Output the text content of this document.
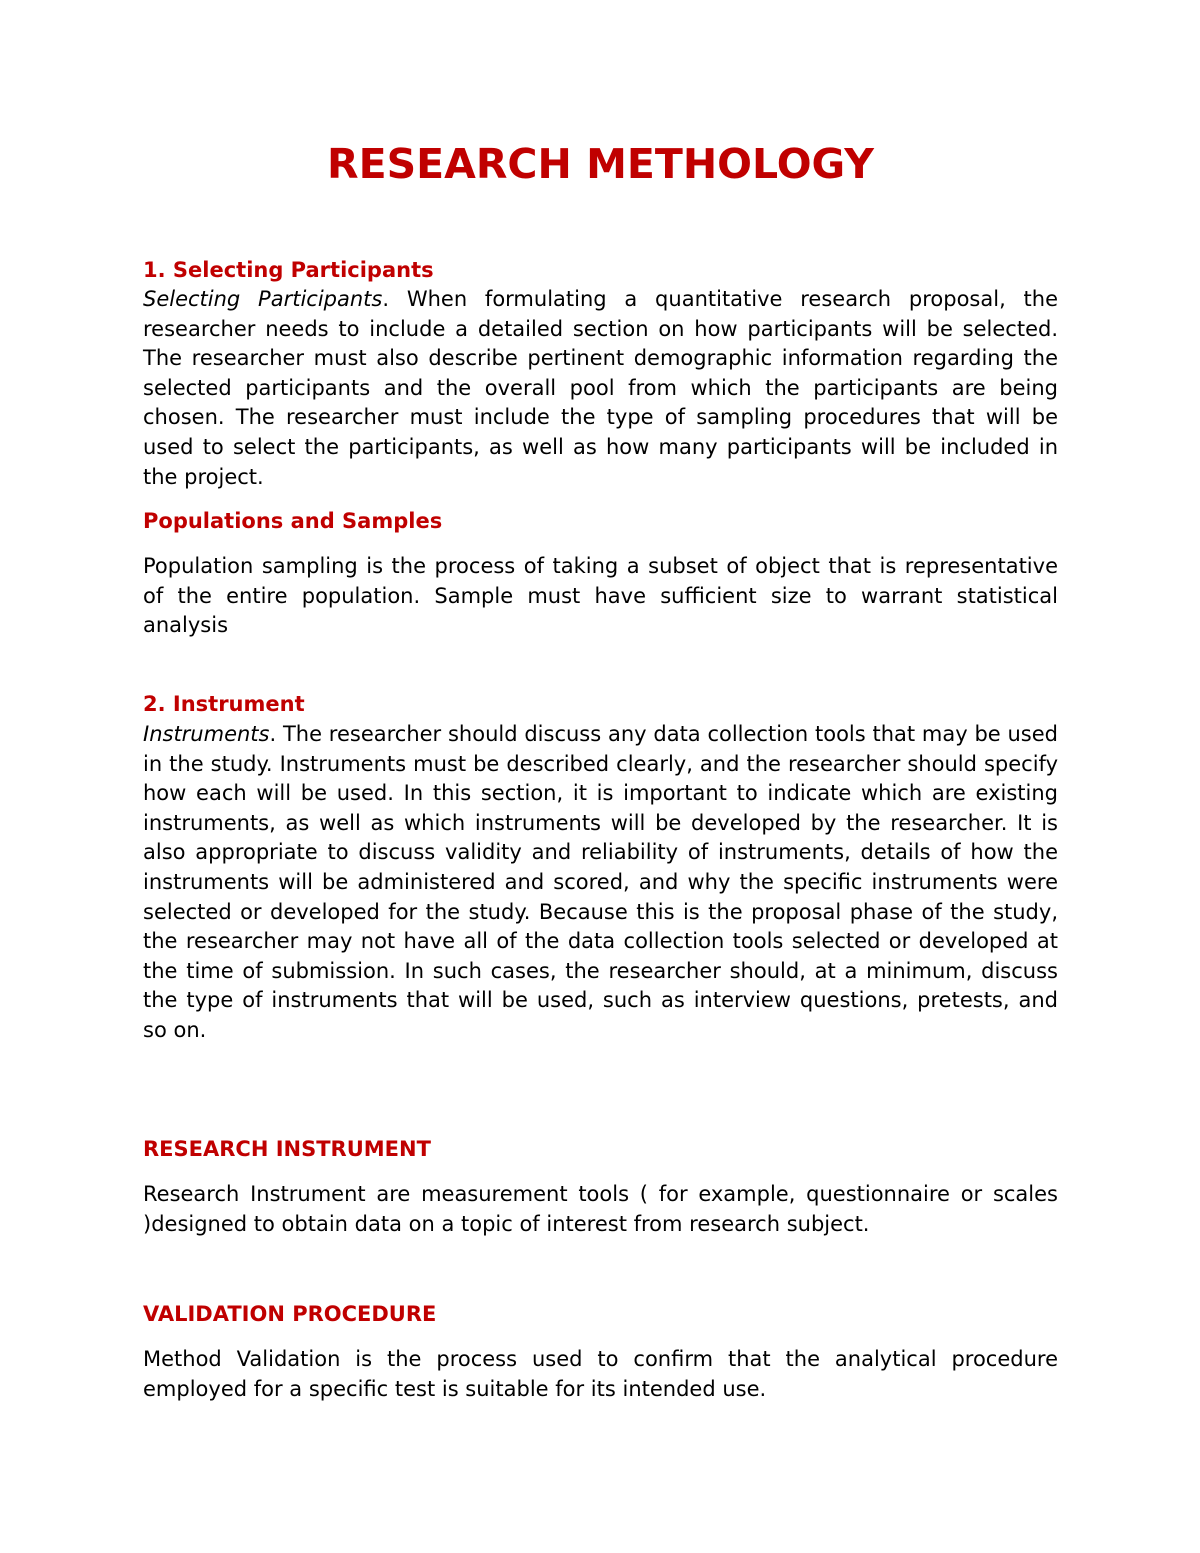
RESEARCH METHOLOGY
1. Selecting Participants

Selecting Participants. When formulating a quantitative research proposal, the researcher needs to include a detailed section on how participants will be selected. The researcher must also describe pertinent demographic information regarding the selected participants and the overall pool from which the participants are being chosen. The researcher must include the type of sampling procedures that will be used to select the participants, as well as how many participants will be included in the project.

Populations and Samples

Population sampling is the process of taking a subset of object that is representative of the entire population. Sample must have sufficient size to warrant statistical analysis

2. Instrument

Instruments. The researcher should discuss any data collection tools that may be used in the study. Instruments must be described clearly, and the researcher should specify how each will be used. In this section, it is important to indicate which are existing instruments, as well as which instruments will be developed by the researcher. It is also appropriate to discuss validity and reliability of instruments, details of how the instruments will be administered and scored, and why the specific instruments were selected or developed for the study. Because this is the proposal phase of the study, the researcher may not have all of the data collection tools selected or developed at the time of submission. In such cases, the researcher should, at a minimum, discuss the type of instruments that will be used, such as interview questions, pretests, and so on.

RESEARCH INSTRUMENT

Research Instrument are measurement tools ( for example, questionnaire or scales )designed to obtain data on a topic of interest from research subject.

VALIDATION PROCEDURE

Method Validation is the process used to confirm that the analytical procedure employed for a specific test is suitable for its intended use.
